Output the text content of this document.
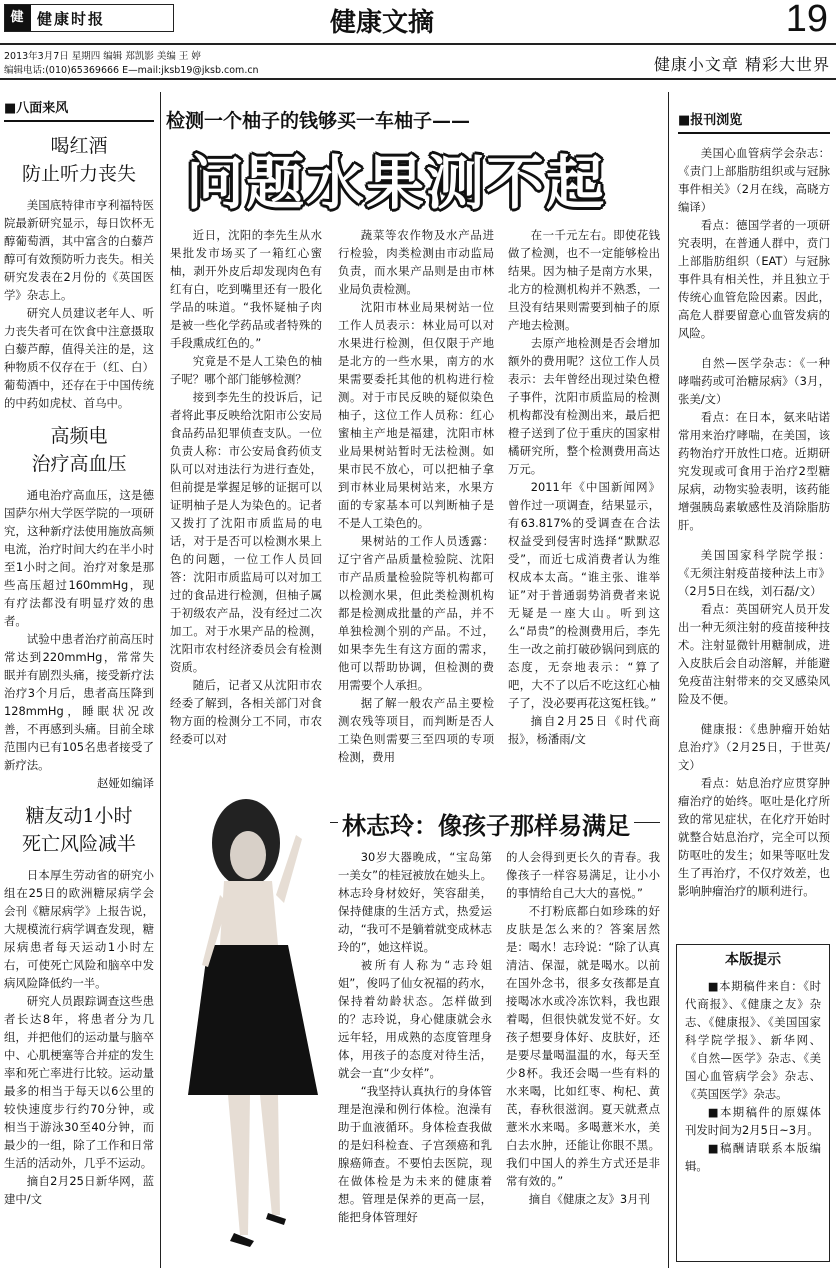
健 健康时报	健康文摘	19
2013年3月7日 星期四 编辑 郑凯影 美编 王 婷
编辑电话:(010)65369666 E—mail:jksb19@jksb.com.cn	健康小文章 精彩大世界
■八面来风
喝红酒
防止听力丧失

美国底特律市亨利福特医院最新研究显示，每日饮杯无醇葡萄酒，其中富含的白藜芦醇可有效预防听力丧失。相关研究发表在2月份的《英国医学》杂志上。

研究人员建议老年人、听力丧失者可在饮食中注意摄取白藜芦醇，值得关注的是，这种物质不仅存在于（红、白）葡萄酒中，还存在于中国传统的中药如虎杖、首乌中。

高频电
治疗高血压

通电治疗高血压，这是德国萨尔州大学医学院的一项研究，这种新疗法使用施放高频电流，治疗时间大约在半小时至1小时之间。治疗对象是那些高压超过160mmHg，现有疗法都没有明显疗效的患者。

试验中患者治疗前高压时常达到220mmHg，常常失眠并有剧烈头痛，接受新疗法治疗3个月后，患者高压降到128mmHg，睡眠状况改善，不再感到头痛。目前全球范围内已有105名患者接受了新疗法。

赵娅如编译

糖友动1小时
死亡风险减半

日本厚生劳动省的研究小组在25日的欧洲糖尿病学会会刊《糖尿病学》上报告说，大规模流行病学调查发现，糖尿病患者每天运动1小时左右，可使死亡风险和脑卒中发病风险降低约一半。

研究人员跟踪调查这些患者长达8年，将患者分为几组，并把他们的运动量与脑卒中、心肌梗塞等合并症的发生率和死亡率进行比较。运动量最多的相当于每天以6公里的较快速度步行约70分钟，或相当于游泳30至40分钟，而最少的一组，除了工作和日常生活的活动外，几乎不运动。

摘自2月25日新华网，蓝建中/文

检测一个柚子的钱够买一车柚子——
问题水果测不起

近日，沈阳的李先生从水果批发市场买了一箱红心蜜柚，剥开外皮后却发现肉色有红有白，吃到嘴里还有一股化学品的味道。“我怀疑柚子肉是被一些化学药品或者特殊的手段熏成红色的。”

究竟是不是人工染色的柚子呢？哪个部门能够检测？

接到李先生的投诉后，记者将此事反映给沈阳市公安局食品药品犯罪侦查支队。一位负责人称：市公安局食药侦支队可以对违法行为进行查处，但前提是掌握足够的证据可以证明柚子是人为染色的。记者又拨打了沈阳市质监局的电话，对于是否可以检测水果上色的问题，一位工作人员回答：沈阳市质监局可以对加工过的食品进行检测，但柚子属于初级农产品，没有经过二次加工。对于水果产品的检测，沈阳市农村经济委员会有检测资质。

随后，记者又从沈阳市农经委了解到，各相关部门对食物方面的检测分工不同，市农经委可以对

蔬菜等农作物及水产品进行检验，肉类检测由市动监局负责，而水果产品则是由市林业局负责检测。

沈阳市林业局果树站一位工作人员表示：林业局可以对水果进行检测，但仅限于产地是北方的一些水果，南方的水果需要委托其他的机构进行检测。对于市民反映的疑似染色柚子，这位工作人员称：红心蜜柚主产地是福建，沈阳市林业局果树站暂时无法检测。如果市民不放心，可以把柚子拿到市林业局果树站来，水果方面的专家基本可以判断柚子是不是人工染色的。

果树站的工作人员透露：辽宁省产品质量检验院、沈阳市产品质量检验院等机构都可以检测水果，但此类检测机构都是检测成批量的产品，并不单独检测个别的产品。不过，如果李先生有这方面的需求，他可以帮助协调，但检测的费用需要个人承担。

据了解一般农产品主要检测农残等项目，而判断是否人工染色则需要三至四项的专项检测，费用

在一千元左右。即使花钱做了检测，也不一定能够检出结果。因为柚子是南方水果，北方的检测机构并不熟悉，一旦没有结果则需要到柚子的原产地去检测。

去原产地检测是否会增加额外的费用呢？这位工作人员表示：去年曾经出现过染色橙子事件，沈阳市质监局的检测机构都没有检测出来，最后把橙子送到了位于重庆的国家柑橘研究所，整个检测费用高达万元。

2011年《中国新闻网》曾作过一项调查，结果显示，有63.817%的受调查在合法权益受到侵害时选择“默默忍受”，而近七成消费者认为维权成本太高。“谁主张、谁举证”对于普通弱势消费者来说无疑是一座大山。听到这么“昂贵”的检测费用后，李先生一改之前打破砂锅问到底的态度，无奈地表示：“算了吧，大不了以后不吃这红心柚子了，没必要再花这冤枉钱。”

摘自2月25日《时代商报》，杨潘雨/文

林志玲：像孩子那样易满足

30岁大器晚成，“宝岛第一美女”的桂冠被放在她头上。林志玲身材姣好，笑容甜美，保持健康的生活方式，热爱运动，“我可不是躺着就变成林志玲的”，她这样说。

被所有人称为“志玲姐姐”，俊吗了仙女祝福的药水，保持着幼龄状态。怎样做到的？志玲说，身心健康就会永远年轻，用成熟的态度管理身体，用孩子的态度对待生活，就会一直“少女样”。

“我坚持认真执行的身体管理是泡澡和例行体检。泡澡有助于血液循环。身体检查我做的是妇科检查、子宫颈癌和乳腺癌筛查。不要怕去医院，现在做体检是为未来的健康着想。管理是保养的更高一层，能把身体管理好

的人会得到更长久的青春。我像孩子一样容易满足，让小小的事情给自己大大的喜悦。”

不打粉底都白如珍珠的好皮肤是怎么来的？答案居然是：喝水！志玲说：“除了认真清洁、保湿，就是喝水。以前在国外念书，很多女孩都是直接喝冰水或冷冻饮料，我也跟着喝，但很快就发觉不好。女孩子想要身体好、皮肤好，还是要尽量喝温温的水，每天至少8杯。我还会喝一些有料的水来喝，比如红枣、枸杞、黄芪，春秋很滋润。夏天就煮点薏米水来喝。多喝薏米水，美白去水肿，还能让你眼不黑。我们中国人的养生方式还是非常有效的。”

摘自《健康之友》3月刊

■报刊浏览

美国心血管病学会杂志：《责门上部脂肪组织或与冠脉事件相关》（2月在线，高晓方编译）

看点：德国学者的一项研究表明，在普通人群中，贲门上部脂肪组织（EAT）与冠脉事件具有相关性，并且独立于传统心血管危险因素。因此，高危人群要留意心血管发病的风险。

自然—医学杂志：《一种哮喘药或可治糖尿病》（3月，张美/文）

看点：在日本，氨来呫诺常用来治疗哮喘，在美国，该药物治疗开放性口疮。近期研究发现或可食用于治疗2型糖尿病，动物实验表明，该药能增强胰岛素敏感性及消除脂肪肝。

美国国家科学院学报：《无须注射疫苗接种法上市》（2月5日在线，刘石磊/文）

看点：英国研究人员开发出一种无须注射的疫苗接种技术。注射显微针用糖制成，进入皮肤后会自动溶解，并能避免疫苗注射带来的交叉感染风险及不便。

健康报：《患肿瘤开始姑息治疗》（2月25日，于世英/文）

看点：姑息治疗应贯穿肿瘤治疗的始终。呕吐是化疗所致的常见症状，在化疗开始时就整合姑息治疗，完全可以预防呕吐的发生；如果等呕吐发生了再治疗，不仅疗效差，也影响肿瘤治疗的顺利进行。

本版提示

■本期稿件来自：《时代商报》、《健康之友》杂志、《健康报》、《美国国家科学院学报》、新华网、《自然—医学》杂志、《美国心血管病学会》杂志、《英国医学》杂志。

■本期稿件的原媒体刊发时间为2月5日~3月。

■稿酬请联系本版编辑。
